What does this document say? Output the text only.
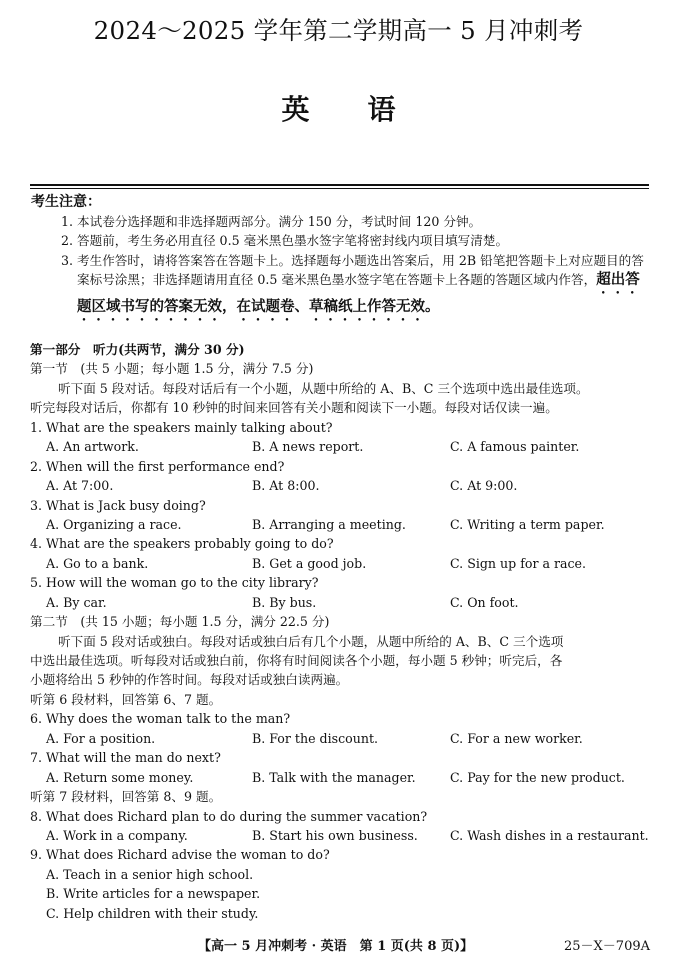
2024～2025 学年第二学期高一 5 月冲刺考
英语
考生注意：
1. 本试卷分选择题和非选择题两部分。满分 150 分，考试时间 120 分钟。
2. 答题前，考生务必用直径 0.5 毫米黑色墨水签字笔将密封线内项目填写清楚。
3. 考生作答时，请将答案答在答题卡上。选择题每小题选出答案后，用 2B 铅笔把答题卡上对应题目的答案标号涂黑；非选择题请用直径 0.5 毫米黑色墨水签字笔在答题卡上各题的答题区域内作答，超出答题区域书写的答案无效，在试题卷、草稿纸上作答无效。
第一部分　听力(共两节，满分 30 分)
第一节　(共 5 小题；每小题 1.5 分，满分 7.5 分)
听下面 5 段对话。每段对话后有一个小题，从题中所给的 A、B、C 三个选项中选出最佳选项。
听完每段对话后，你都有 10 秒钟的时间来回答有关小题和阅读下一小题。每段对话仅读一遍。
1. What are the speakers mainly talking about?
A. An artwork.	B. A news report.	C. A famous painter.
2. When will the first performance end?
A. At 7:00.	B. At 8:00.	C. At 9:00.
3. What is Jack busy doing?
A. Organizing a race.	B. Arranging a meeting.	C. Writing a term paper.
4. What are the speakers probably going to do?
A. Go to a bank.	B. Get a good job.	C. Sign up for a race.
5. How will the woman go to the city library?
A. By car.	B. By bus.	C. On foot.
第二节　(共 15 小题；每小题 1.5 分，满分 22.5 分)
听下面 5 段对话或独白。每段对话或独白后有几个小题，从题中所给的 A、B、C 三个选项
中选出最佳选项。听每段对话或独白前，你将有时间阅读各个小题，每小题 5 秒钟；听完后，各
小题将给出 5 秒钟的作答时间。每段对话或独白读两遍。
听第 6 段材料，回答第 6、7 题。
6. Why does the woman talk to the man?
A. For a position.	B. For the discount.	C. For a new worker.
7. What will the man do next?
A. Return some money.	B. Talk with the manager.	C. Pay for the new product.
听第 7 段材料，回答第 8、9 题。
8. What does Richard plan to do during the summer vacation?
A. Work in a company.	B. Start his own business.	C. Wash dishes in a restaurant.
9. What does Richard advise the woman to do?
A. Teach in a senior high school.
B. Write articles for a newspaper.
C. Help children with their study.
【高一 5 月冲刺考 · 英语　第 1 页(共 8 页)】	25－X－709A
